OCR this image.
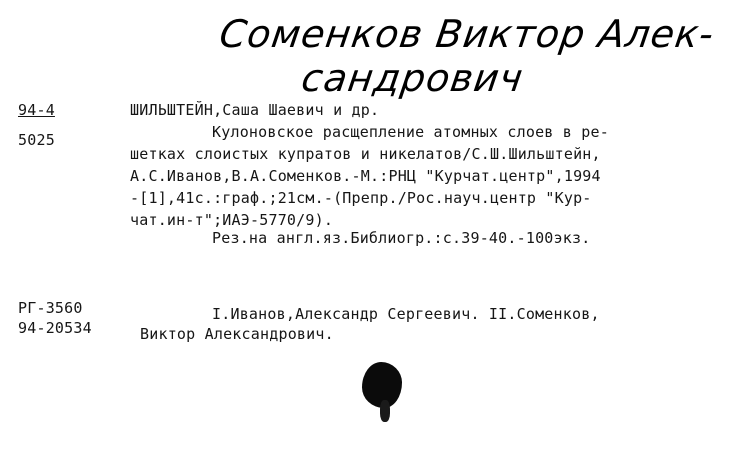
Соменков Виктор Алек-
сандрович
94-4
5025
ШИЛЬШТЕЙН,Саша Шаевич и др.
Кулоновское расщепление атомных слоев в ре-
шетках слоистых купратов и никелатов/С.Ш.Шильштейн,
А.С.Иванов,В.А.Соменков.-М.:РНЦ "Курчат.центр",1994
-[1],41с.:граф.;21см.-(Препр./Рос.науч.центр "Кур-
чат.ин-т";ИАЭ-5770/9).
Рез.на англ.яз.Библиогр.:с.39-40.-100экз.
РГ-3560
94-20534
I.Иванов,Александр Сергеевич. II.Соменков,
Виктор Александрович.
